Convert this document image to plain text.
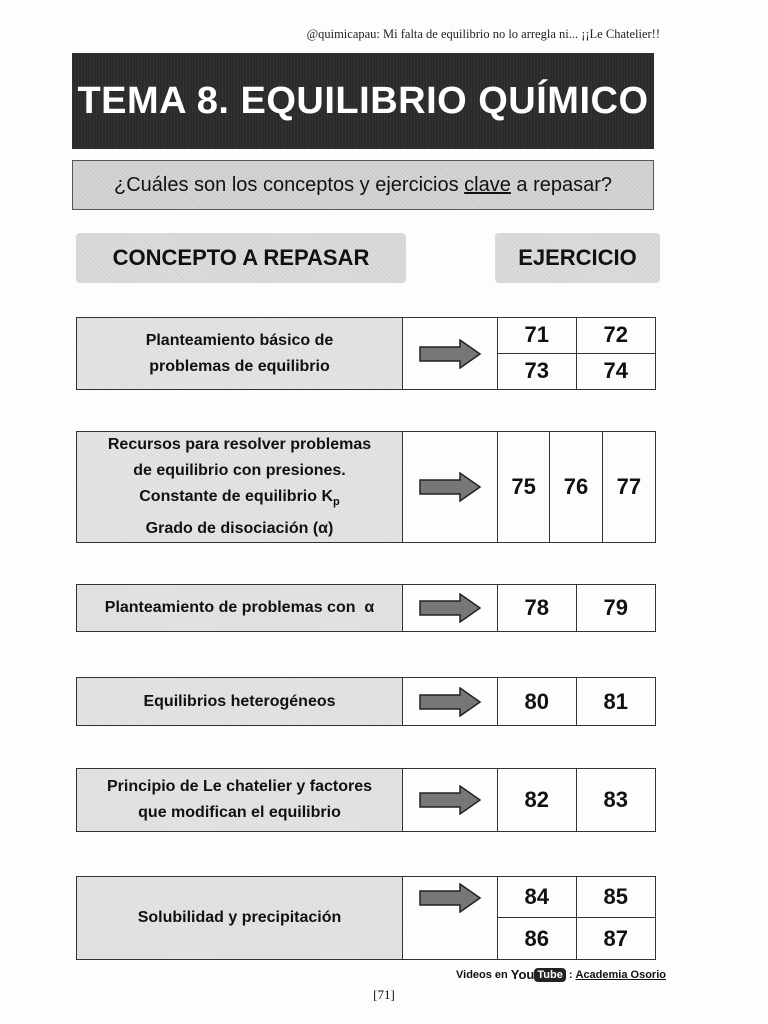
@quimicapau: Mi falta de equilibrio no lo arregla ni... ¡¡Le Chatelier!!
TEMA 8. EQUILIBRIO QUÍMICO
¿Cuáles son los conceptos y ejercicios clave a repasar?
CONCEPTO A REPASAR	EJERCICIO
Planteamiento básico de
problemas de equilibrio
71	72
73	74
Recursos para resolver problemas
de equilibrio con presiones.
Constante de equilibrio $K_p$
Grado de disociación (α)
75	76	77
Planteamiento de problemas con  α	78	79
Equilibrios heterogéneos	80	81
Principio de Le chatelier y factores
que modifican el equilibrio
82	83
Solubilidad y precipitación
84	85
86	87
Videos en You Tube : Academia Osorio
[71]
